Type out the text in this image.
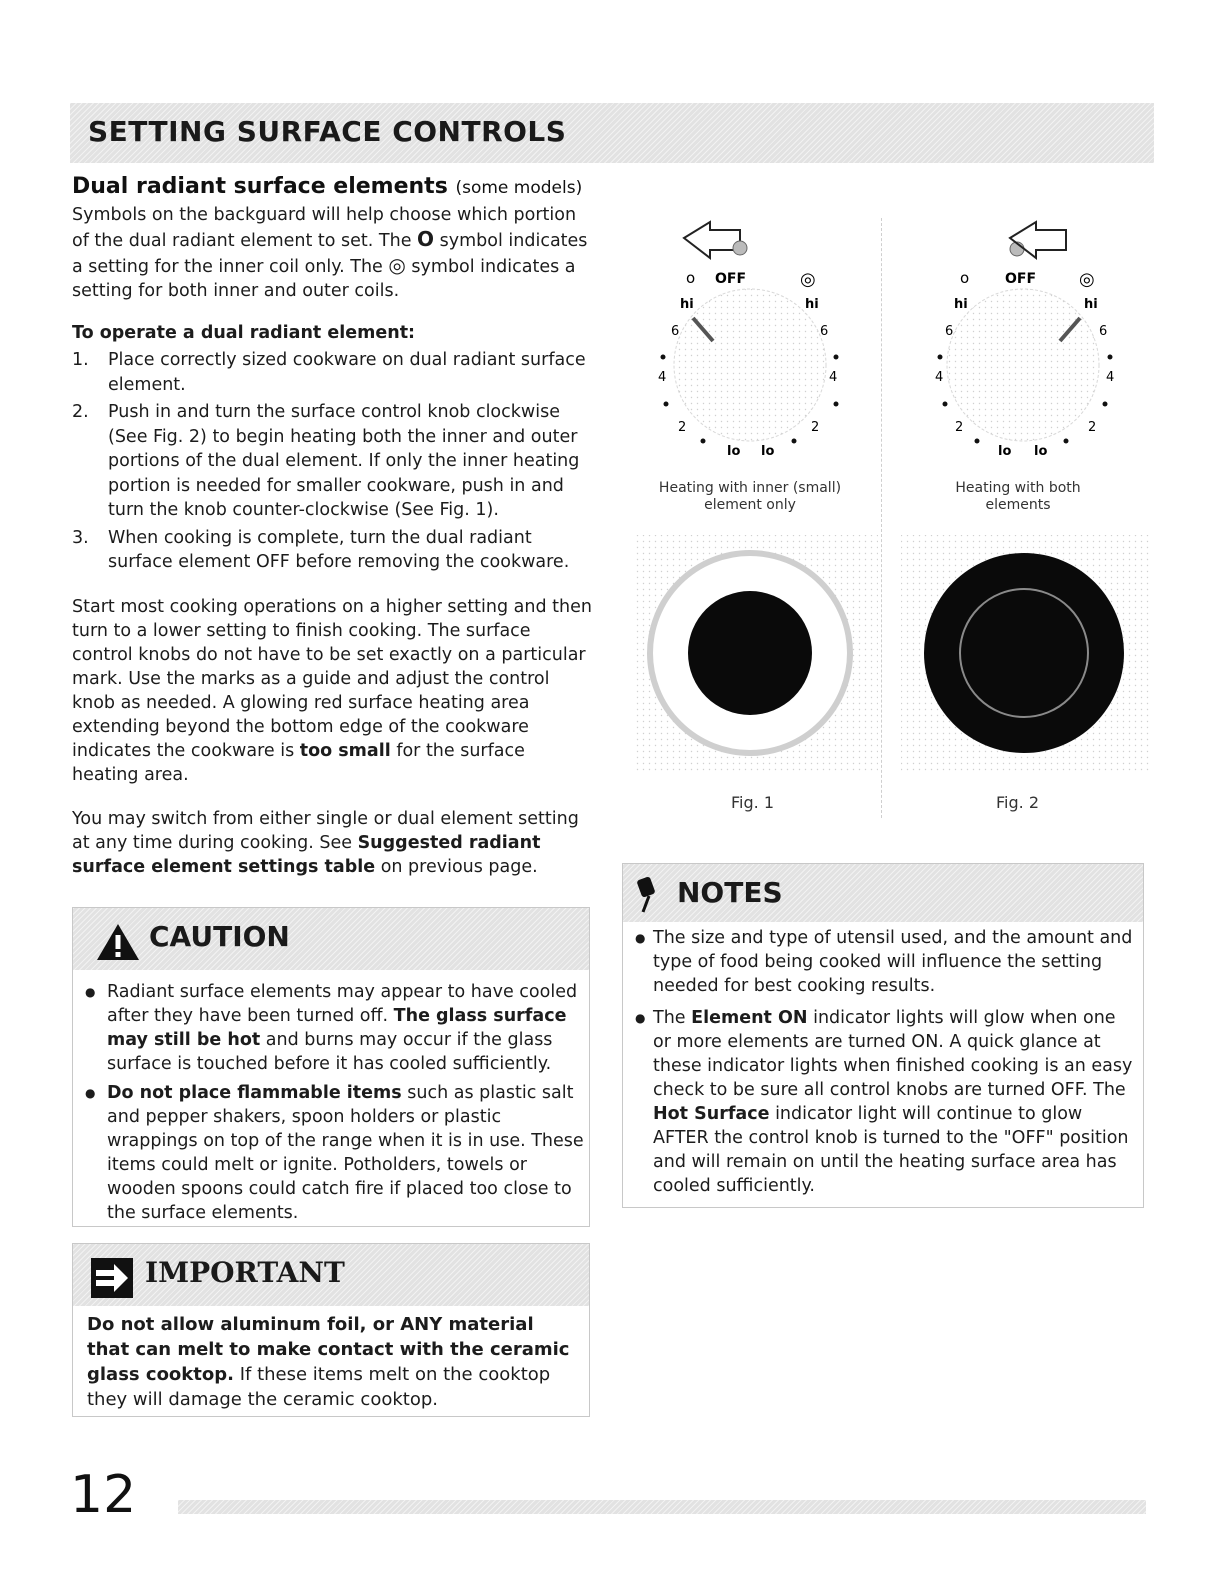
SETTING SURFACE CONTROLS
Dual radiant surface elements (some models)

Symbols on the backguard will help choose which portion of the dual radiant element to set. The O symbol indicates a setting for the inner coil only. The ◎ symbol indicates a setting for both inner and outer coils.

To operate a dual radiant element:

1. Place correctly sized cookware on dual radiant surface element.
2. Push in and turn the surface control knob clockwise (See Fig. 2) to begin heating both the inner and outer portions of the dual element. If only the inner heating portion is needed for smaller cookware, push in and turn the knob counter-clockwise (See Fig. 1).
3. When cooking is complete, turn the dual radiant surface element OFF before removing the cookware.

Start most cooking operations on a higher setting and then turn to a lower setting to finish cooking. The surface control knobs do not have to be set exactly on a particular mark. Use the marks as a guide and adjust the control knob as needed. A glowing red surface heating area extending beyond the bottom edge of the cookware indicates the cookware is too small for the surface heating area.

You may switch from either single or dual element setting at any time during cooking. See Suggested radiant surface element settings table on previous page.

CAUTION
● Radiant surface elements may appear to have cooled after they have been turned off. The glass surface may still be hot and burns may occur if the glass surface is touched before it has cooled sufficiently.
● Do not place flammable items such as plastic salt and pepper shakers, spoon holders or plastic wrappings on top of the range when it is in use. These items could melt or ignite. Potholders, towels or wooden spoons could catch fire if placed too close to the surface elements.
IMPORTANT

Do not allow aluminum foil, or ANY material that can melt to make contact with the ceramic glass cooktop. If these items melt on the cooktop they will damage the ceramic cooktop.

o OFF	◎
hi	hi
6	6
4	4
2	2
lo lo
o	OFF ◎
hi	hi
6	6
4	4
2	2
lo lo
Heating with inner (small)
element only
Heating with both
elements
Fig. 1	Fig. 2
NOTES
● The size and type of utensil used, and the amount and type of food being cooked will influence the setting needed for best cooking results.
● The Element ON indicator lights will glow when one or more elements are turned ON. A quick glance at these indicator lights when finished cooking is an easy check to be sure all control knobs are turned OFF. The Hot Surface indicator light will continue to glow AFTER the control knob is turned to the "OFF" position and will remain on until the heating surface area has cooled sufficiently.
12
